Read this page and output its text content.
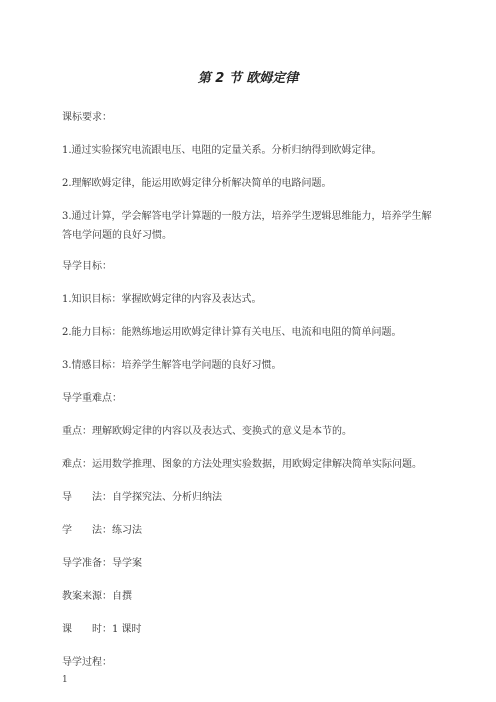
第 2 节 欧姆定律
课标要求：
1.通过实验探究电流跟电压、电阻的定量关系。分析归纳得到欧姆定律。
2.理解欧姆定律，能运用欧姆定律分析解决简单的电路问题。
3.通过计算，学会解答电学计算题的一般方法，培养学生逻辑思维能力，培养学生解答电学问题的良好习惯。
导学目标：
1.知识目标：掌握欧姆定律的内容及表达式。
2.能力目标：能熟练地运用欧姆定律计算有关电压、电流和电阻的简单问题。
3.情感目标：培养学生解答电学问题的良好习惯。
导学重难点：
重点：理解欧姆定律的内容以及表达式、变换式的意义是本节的。
难点：运用数学推理、图象的方法处理实验数据，用欧姆定律解决简单实际问题。
导　　法：自学探究法、分析归纳法
学　　法：练习法
导学准备：导学案
教案来源：自撰
课　　时：1 课时
导学过程：
1
